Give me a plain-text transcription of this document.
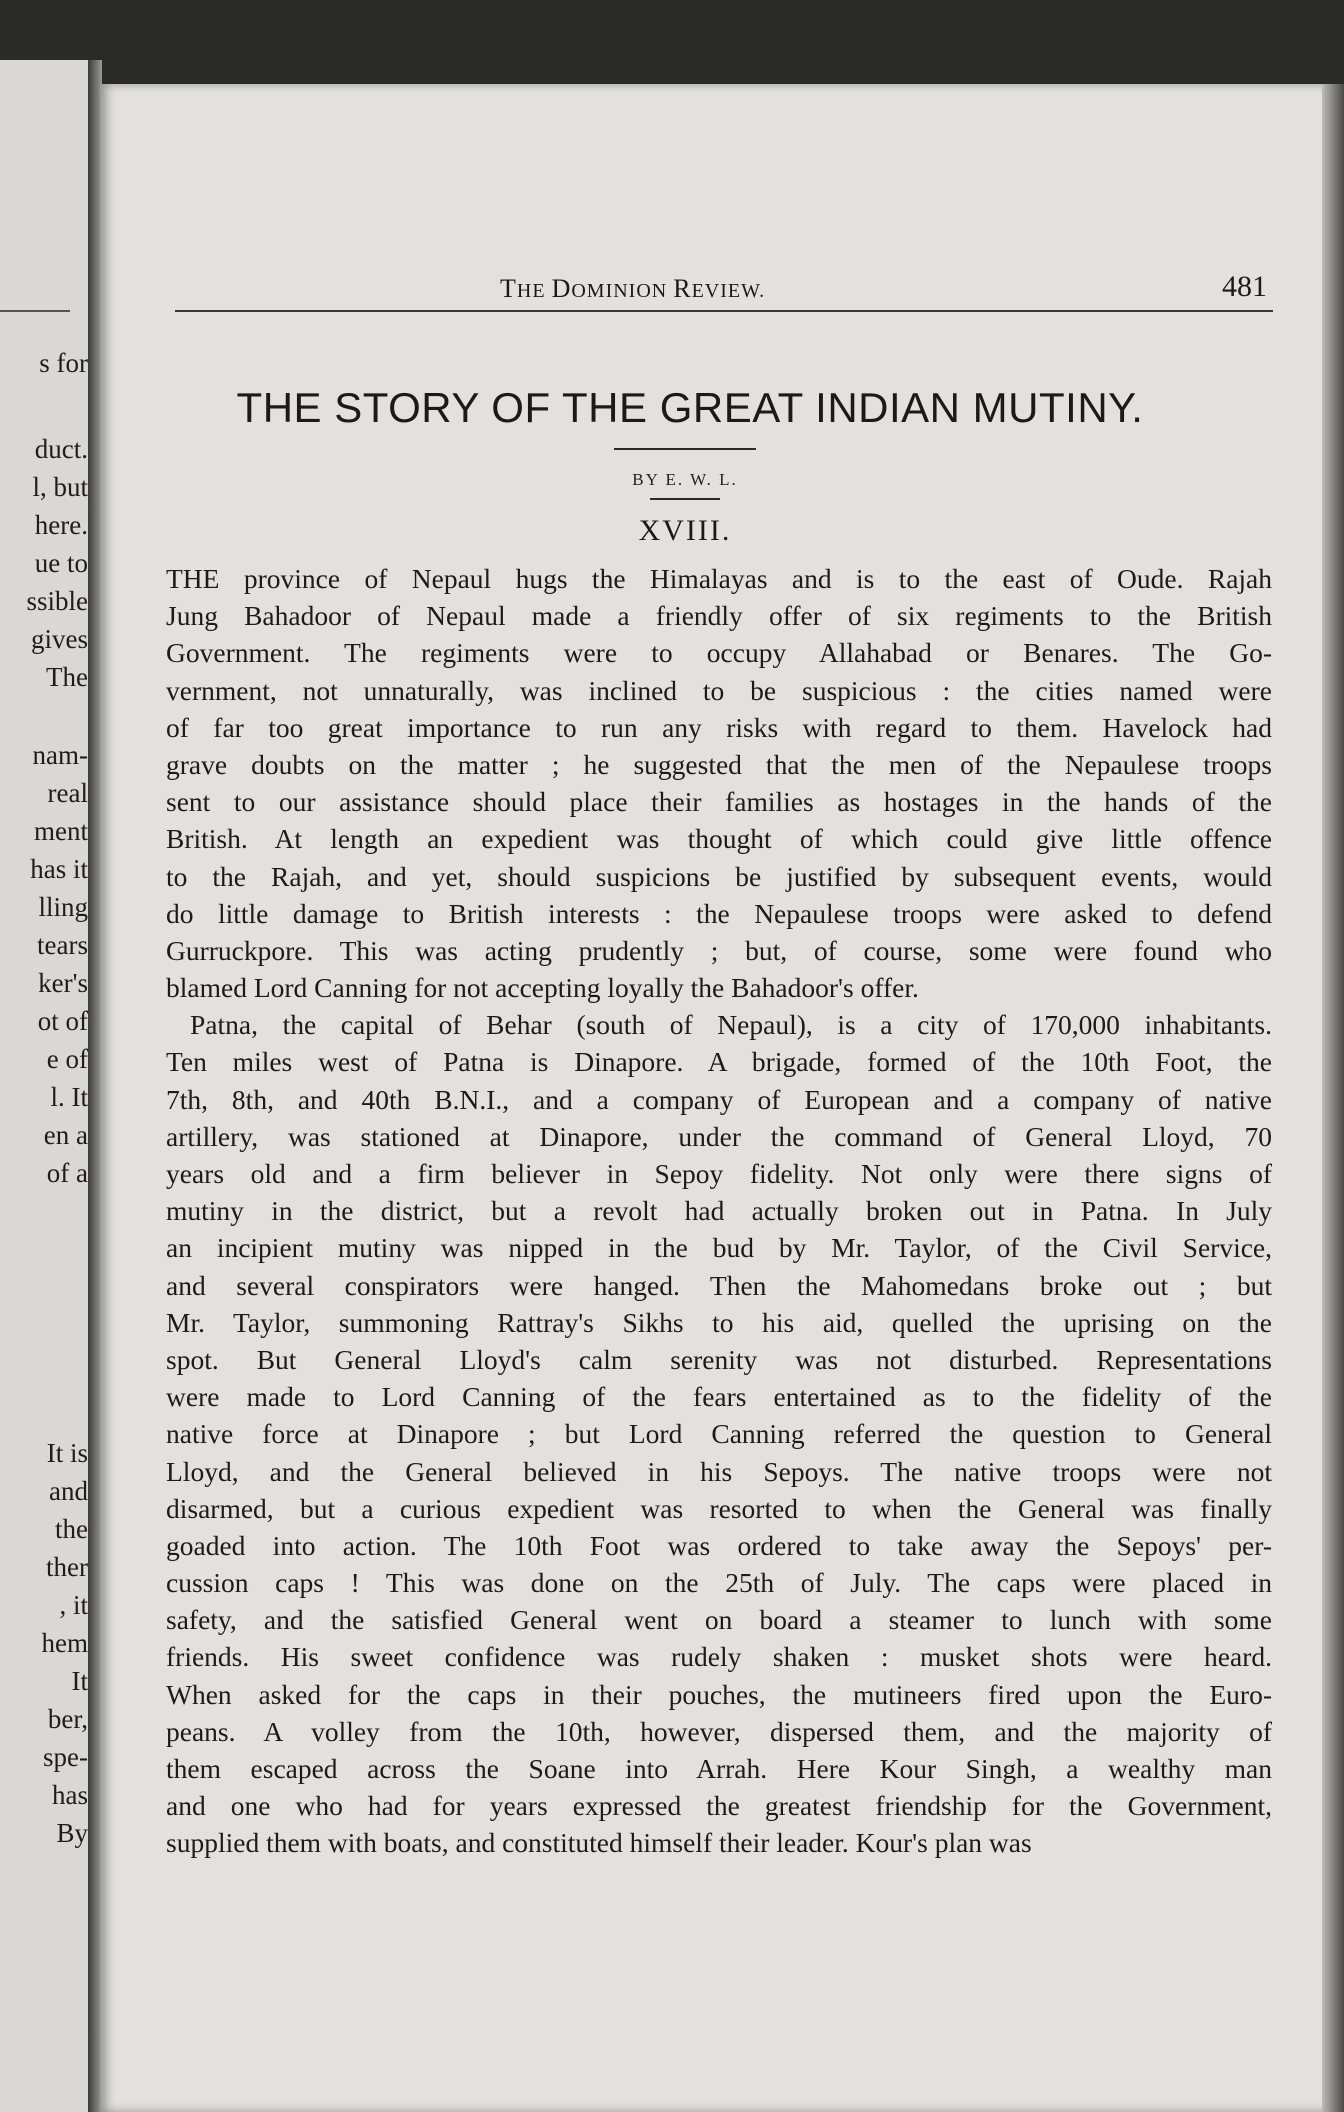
s for
duct.
l, but
here.
ue to
ssible
gives
The
nam-
real
ment
has it
lling
tears
ker's
ot of
e of
l. It
en a
of a
It is
and
the
ther
, it
hem
It
ber,
spe-
has
By
THE DOMINION REVIEW.	481
THE STORY OF THE GREAT INDIAN MUTINY.
BY E. W. L.
XVIII.
THE province of Nepaul hugs the Himalayas and is to the east of Oude. Rajah
Jung Bahadoor of Nepaul made a friendly offer of six regiments to the British
Government. The regiments were to occupy Allahabad or Benares. The Go-
vernment, not unnaturally, was inclined to be suspicious : the cities named were
of far too great importance to run any risks with regard to them. Havelock had
grave doubts on the matter ; he suggested that the men of the Nepaulese troops
sent to our assistance should place their families as hostages in the hands of the
British. At length an expedient was thought of which could give little offence
to the Rajah, and yet, should suspicions be justified by subsequent events, would
do little damage to British interests : the Nepaulese troops were asked to defend
Gurruckpore. This was acting prudently ; but, of course, some were found who
blamed Lord Canning for not accepting loyally the Bahadoor's offer.
Patna, the capital of Behar (south of Nepaul), is a city of 170,000 inhabitants.
Ten miles west of Patna is Dinapore. A brigade, formed of the 10th Foot, the
7th, 8th, and 40th B.N.I., and a company of European and a company of native
artillery, was stationed at Dinapore, under the command of General Lloyd, 70
years old and a firm believer in Sepoy fidelity. Not only were there signs of
mutiny in the district, but a revolt had actually broken out in Patna. In July
an incipient mutiny was nipped in the bud by Mr. Taylor, of the Civil Service,
and several conspirators were hanged. Then the Mahomedans broke out ; but
Mr. Taylor, summoning Rattray's Sikhs to his aid, quelled the uprising on the
spot. But General Lloyd's calm serenity was not disturbed. Representations
were made to Lord Canning of the fears entertained as to the fidelity of the
native force at Dinapore ; but Lord Canning referred the question to General
Lloyd, and the General believed in his Sepoys. The native troops were not
disarmed, but a curious expedient was resorted to when the General was finally
goaded into action. The 10th Foot was ordered to take away the Sepoys' per-
cussion caps ! This was done on the 25th of July. The caps were placed in
safety, and the satisfied General went on board a steamer to lunch with some
friends. His sweet confidence was rudely shaken : musket shots were heard.
When asked for the caps in their pouches, the mutineers fired upon the Euro-
peans. A volley from the 10th, however, dispersed them, and the majority of
them escaped across the Soane into Arrah. Here Kour Singh, a wealthy man
and one who had for years expressed the greatest friendship for the Government,
supplied them with boats, and constituted himself their leader. Kour's plan was
